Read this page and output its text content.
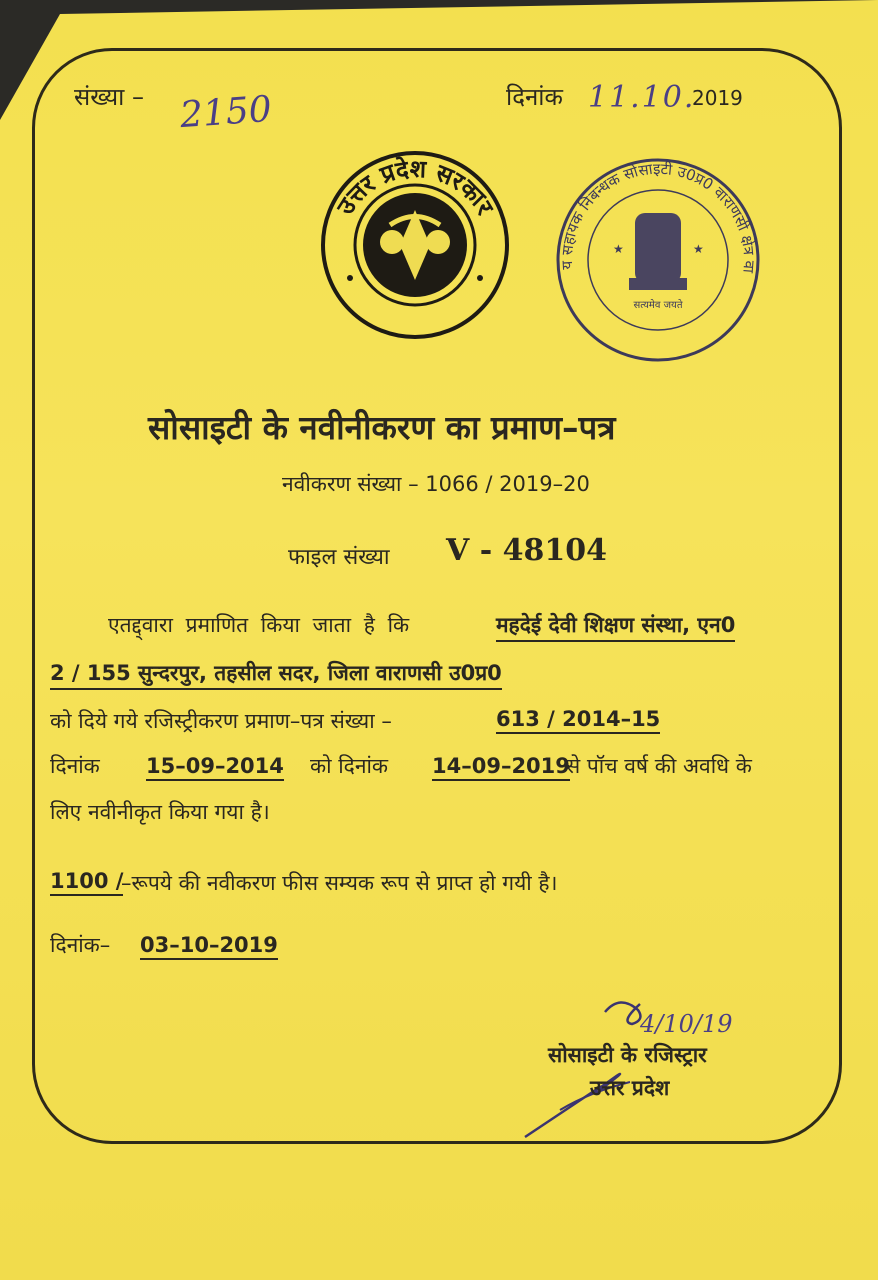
संख्या – 2150	दिनांक 11.10.
2019
उत्तर प्रदेश सरकार
य सहायक निबन्धक सोसाइटी उ0प्र0 वाराणसी क्षेत्र वा
सत्यमेव जयते
★	★
सोसाइटी के नवीनीकरण का प्रमाण–पत्र
नवीकरण संख्या – 1066 / 2019–20
फाइल संख्या V - 48104
एतद्द्वारा प्रमाणित किया जाता है कि	महदेई देवी शिक्षण संस्था, एन0
2 / 155 सुन्दरपुर, तहसील सदर, जिला वाराणसी उ0प्र0
को दिये गये रजिस्ट्रीकरण प्रमाण–पत्र संख्या –	613 / 2014–15
दिनांक 15–09–2014 को दिनांक 14–09–2019
से पॉच वर्ष की अवधि के
लिए नवीनीकृत किया गया है।
1100 /
–रूपये की नवीकरण फीस सम्यक रूप से प्राप्त हो गयी है।
दिनांक– 03–10–2019
4/10/19
सोसाइटी के रजिस्ट्रार
उत्तर प्रदेश
